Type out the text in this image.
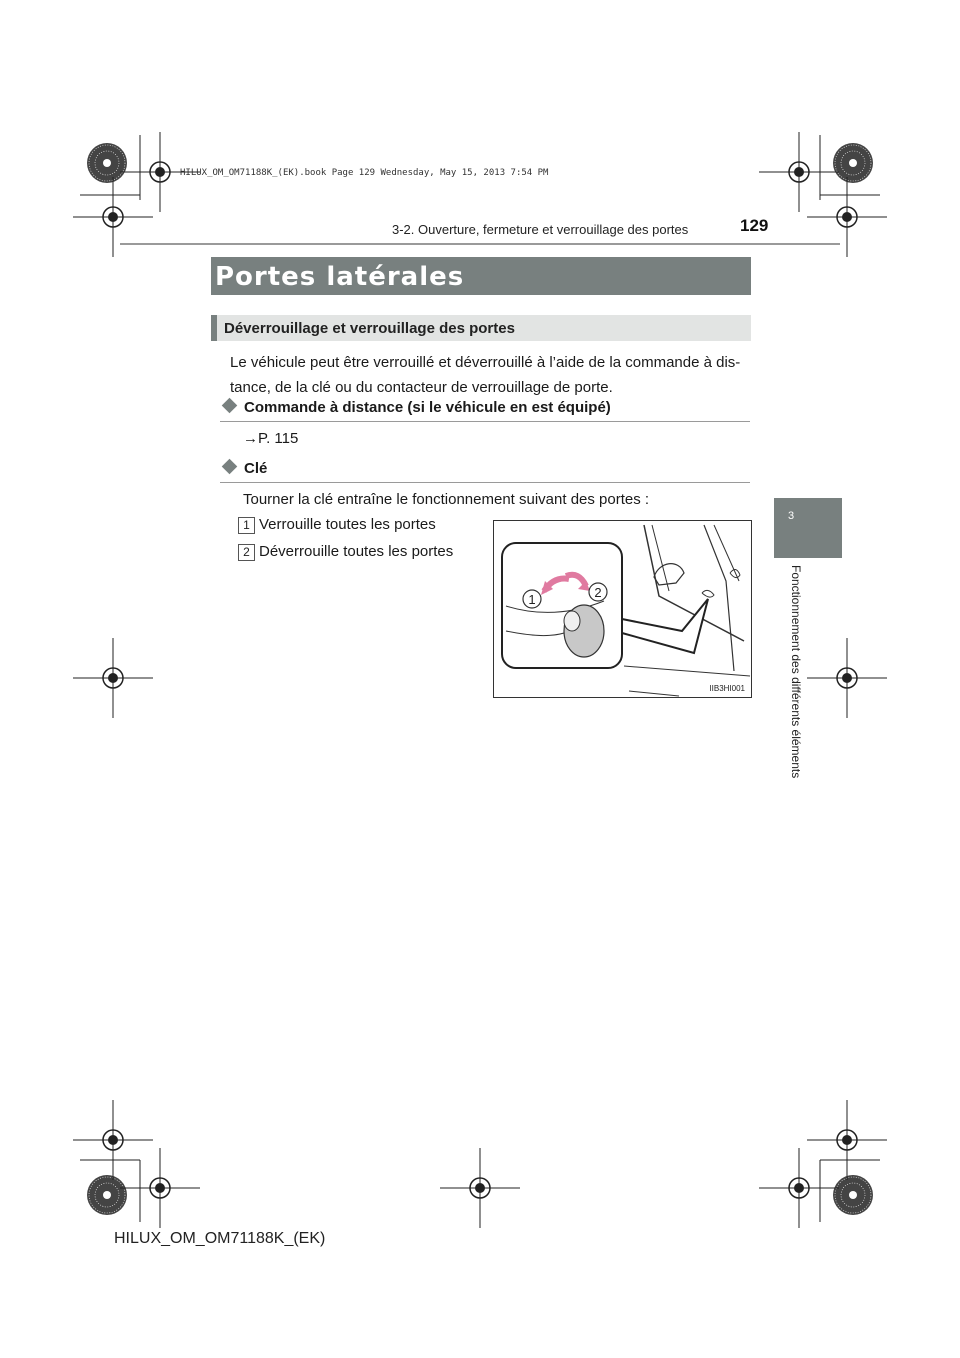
HILUX_OM_OM71188K_(EK).book Page 129 Wednesday, May 15, 2013 7:54 PM
3-2. Ouverture, fermeture et verrouillage des portes	129
3
Fonctionnement des différents éléments
Portes latérales
Déverrouillage et verrouillage des portes
Le véhicule peut être verrouillé et déverrouillé à l’aide de la commande à dis-tance, de la clé ou du contacteur de verrouillage de porte.
Commande à distance (si le véhicule en est équipé)
→P. 115
Clé
Tourner la clé entraîne le fonctionnement suivant des portes :
1 Verrouille toutes les portes
2 Déverrouille toutes les portes
1	2
IIB3HI001
HILUX_OM_OM71188K_(EK)
